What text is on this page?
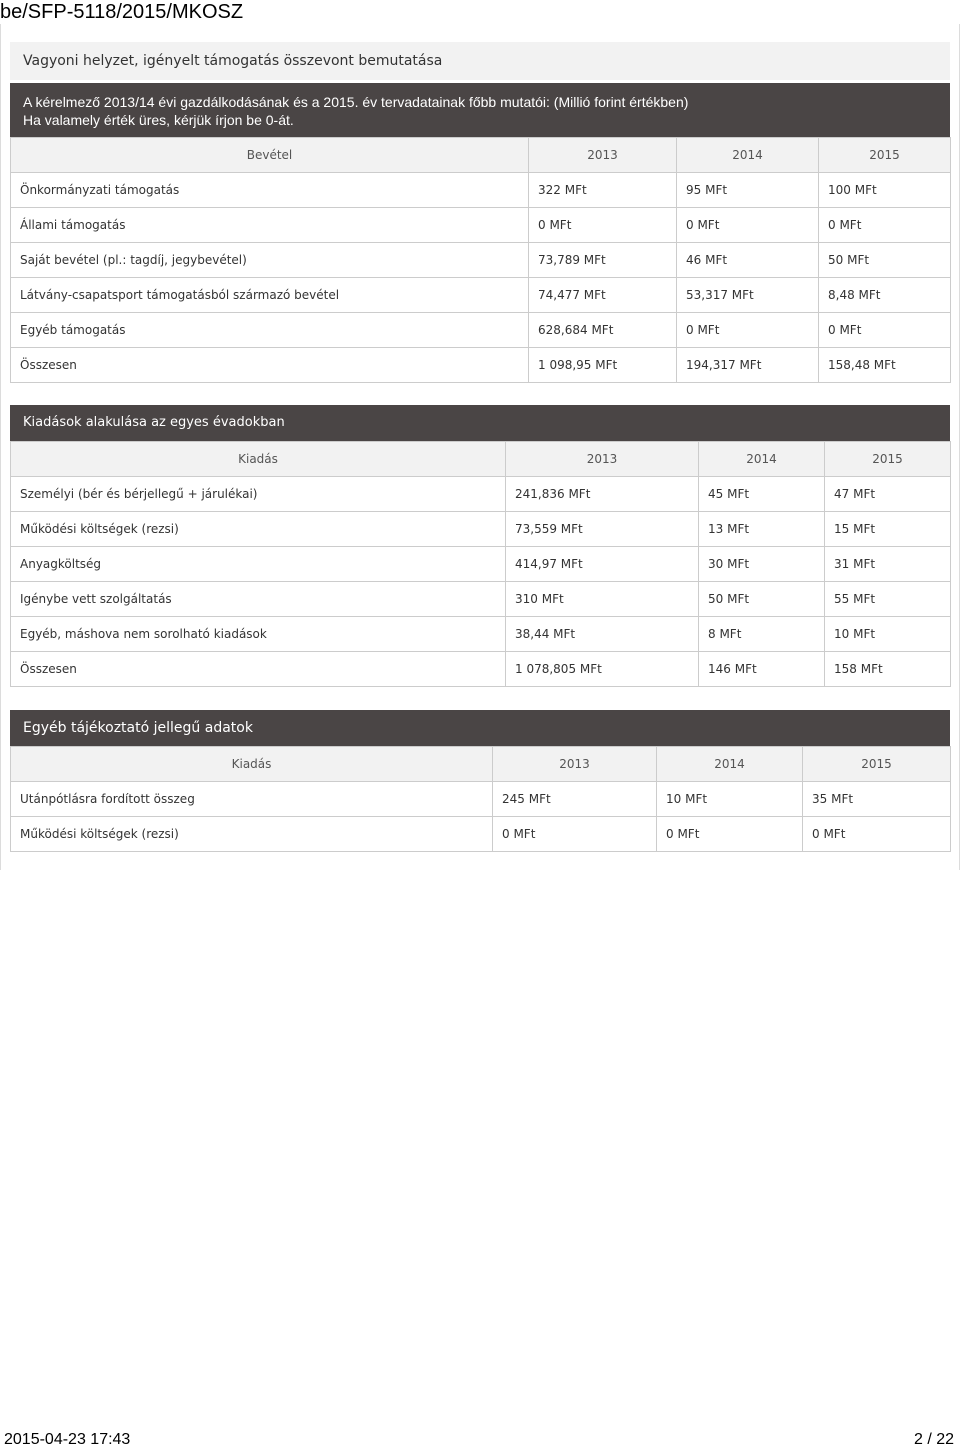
be/SFP-5118/2015/MKOSZ
Vagyoni helyzet, igényelt támogatás összevont bemutatása
A kérelmező 2013/14 évi gazdálkodásának és a 2015. év tervadatainak főbb mutatói: (Millió forint értékben)
Ha valamely érték üres, kérjük írjon be 0-át.
Bevétel	2013	2014	2015
Önkormányzati támogatás	322 MFt	95 MFt	100 MFt
Állami támogatás	0 MFt	0 MFt	0 MFt
Saját bevétel (pl.: tagdíj, jegybevétel)	73,789 MFt	46 MFt	50 MFt
Látvány-csapatsport támogatásból származó bevétel	74,477 MFt	53,317 MFt	8,48 MFt
Egyéb támogatás	628,684 MFt	0 MFt	0 MFt
Összesen	1 098,95 MFt	194,317 MFt	158,48 MFt
Kiadások alakulása az egyes évadokban
Kiadás	2013	2014	2015
Személyi (bér és bérjellegű + járulékai)	241,836 MFt	45 MFt	47 MFt
Működési költségek (rezsi)	73,559 MFt	13 MFt	15 MFt
Anyagköltség	414,97 MFt	30 MFt	31 MFt
Igénybe vett szolgáltatás	310 MFt	50 MFt	55 MFt
Egyéb, máshova nem sorolható kiadások	38,44 MFt	8 MFt	10 MFt
Összesen	1 078,805 MFt	146 MFt	158 MFt
Egyéb tájékoztató jellegű adatok
Kiadás	2013	2014	2015
Utánpótlásra fordított összeg	245 MFt	10 MFt	35 MFt
Működési költségek (rezsi)	0 MFt	0 MFt	0 MFt
2015-04-23 17:43	2 / 22
